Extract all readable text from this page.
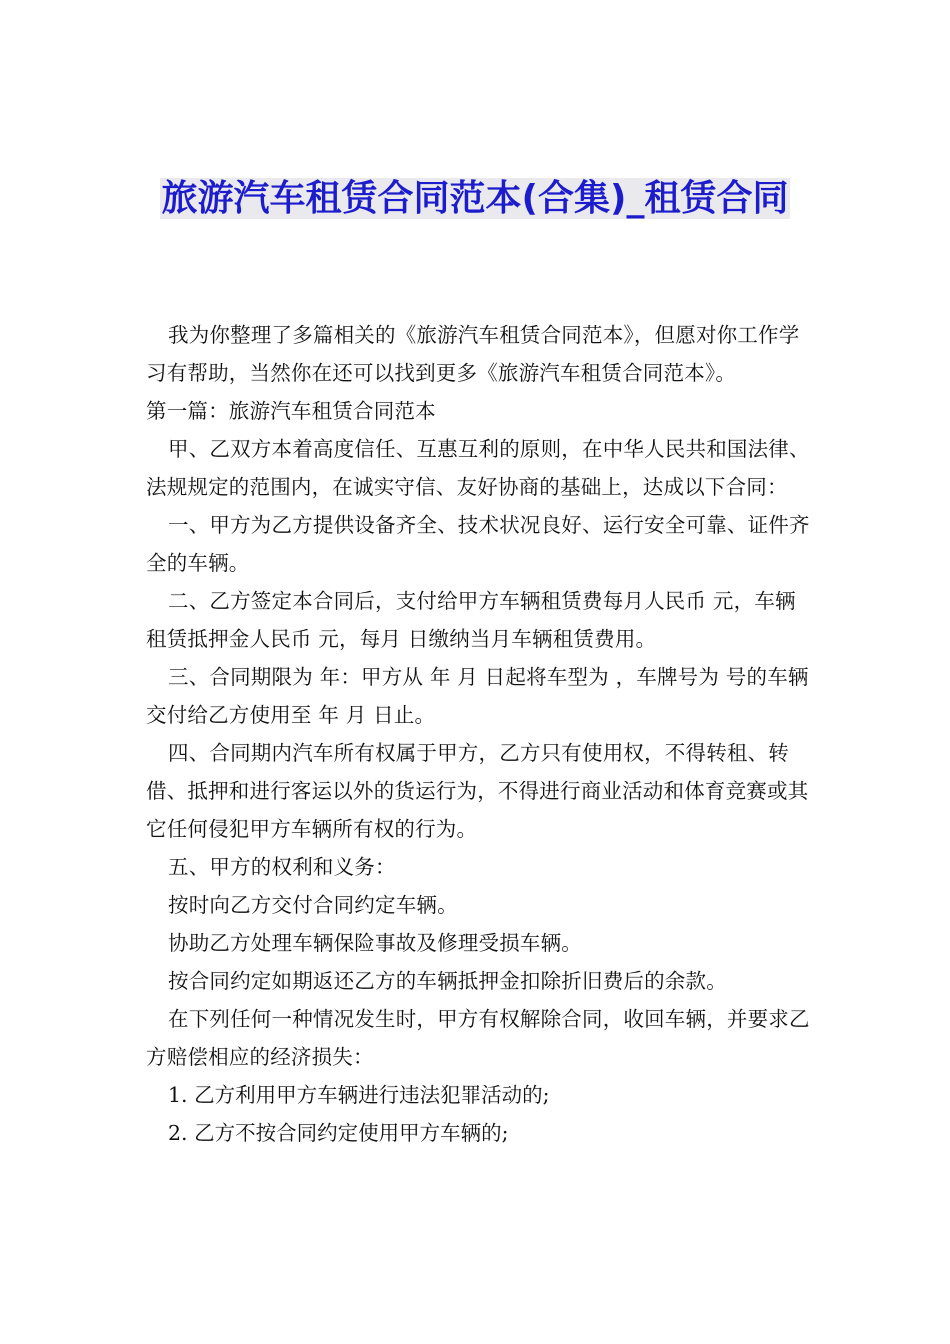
旅游汽车租赁合同范本(合集)_租赁合同

我为你整理了多篇相关的《旅游汽车租赁合同范本》，但愿对你工作学习有帮助，当然你在还可以找到更多《旅游汽车租赁合同范本》。

第一篇：旅游汽车租赁合同范本

甲、乙双方本着高度信任、互惠互利的原则，在中华人民共和国法律、法规规定的范围内，在诚实守信、友好协商的基础上，达成以下合同：

一、甲方为乙方提供设备齐全、技术状况良好、运行安全可靠、证件齐全的车辆。

二、乙方签定本合同后，支付给甲方车辆租赁费每月人民币 元，车辆租赁抵押金人民币 元，每月 日缴纳当月车辆租赁费用。

三、合同期限为 年：甲方从 年 月 日起将车型为 ，车牌号为 号的车辆交付给乙方使用至 年 月 日止。

四、合同期内汽车所有权属于甲方，乙方只有使用权，不得转租、转借、抵押和进行客运以外的货运行为，不得进行商业活动和体育竞赛或其它任何侵犯甲方车辆所有权的行为。

五、甲方的权利和义务：

按时向乙方交付合同约定车辆。

协助乙方处理车辆保险事故及修理受损车辆。

按合同约定如期返还乙方的车辆抵押金扣除折旧费后的余款。

在下列任何一种情况发生时，甲方有权解除合同，收回车辆，并要求乙方赔偿相应的经济损失：

1. 乙方利用甲方车辆进行违法犯罪活动的;

2. 乙方不按合同约定使用甲方车辆的;
